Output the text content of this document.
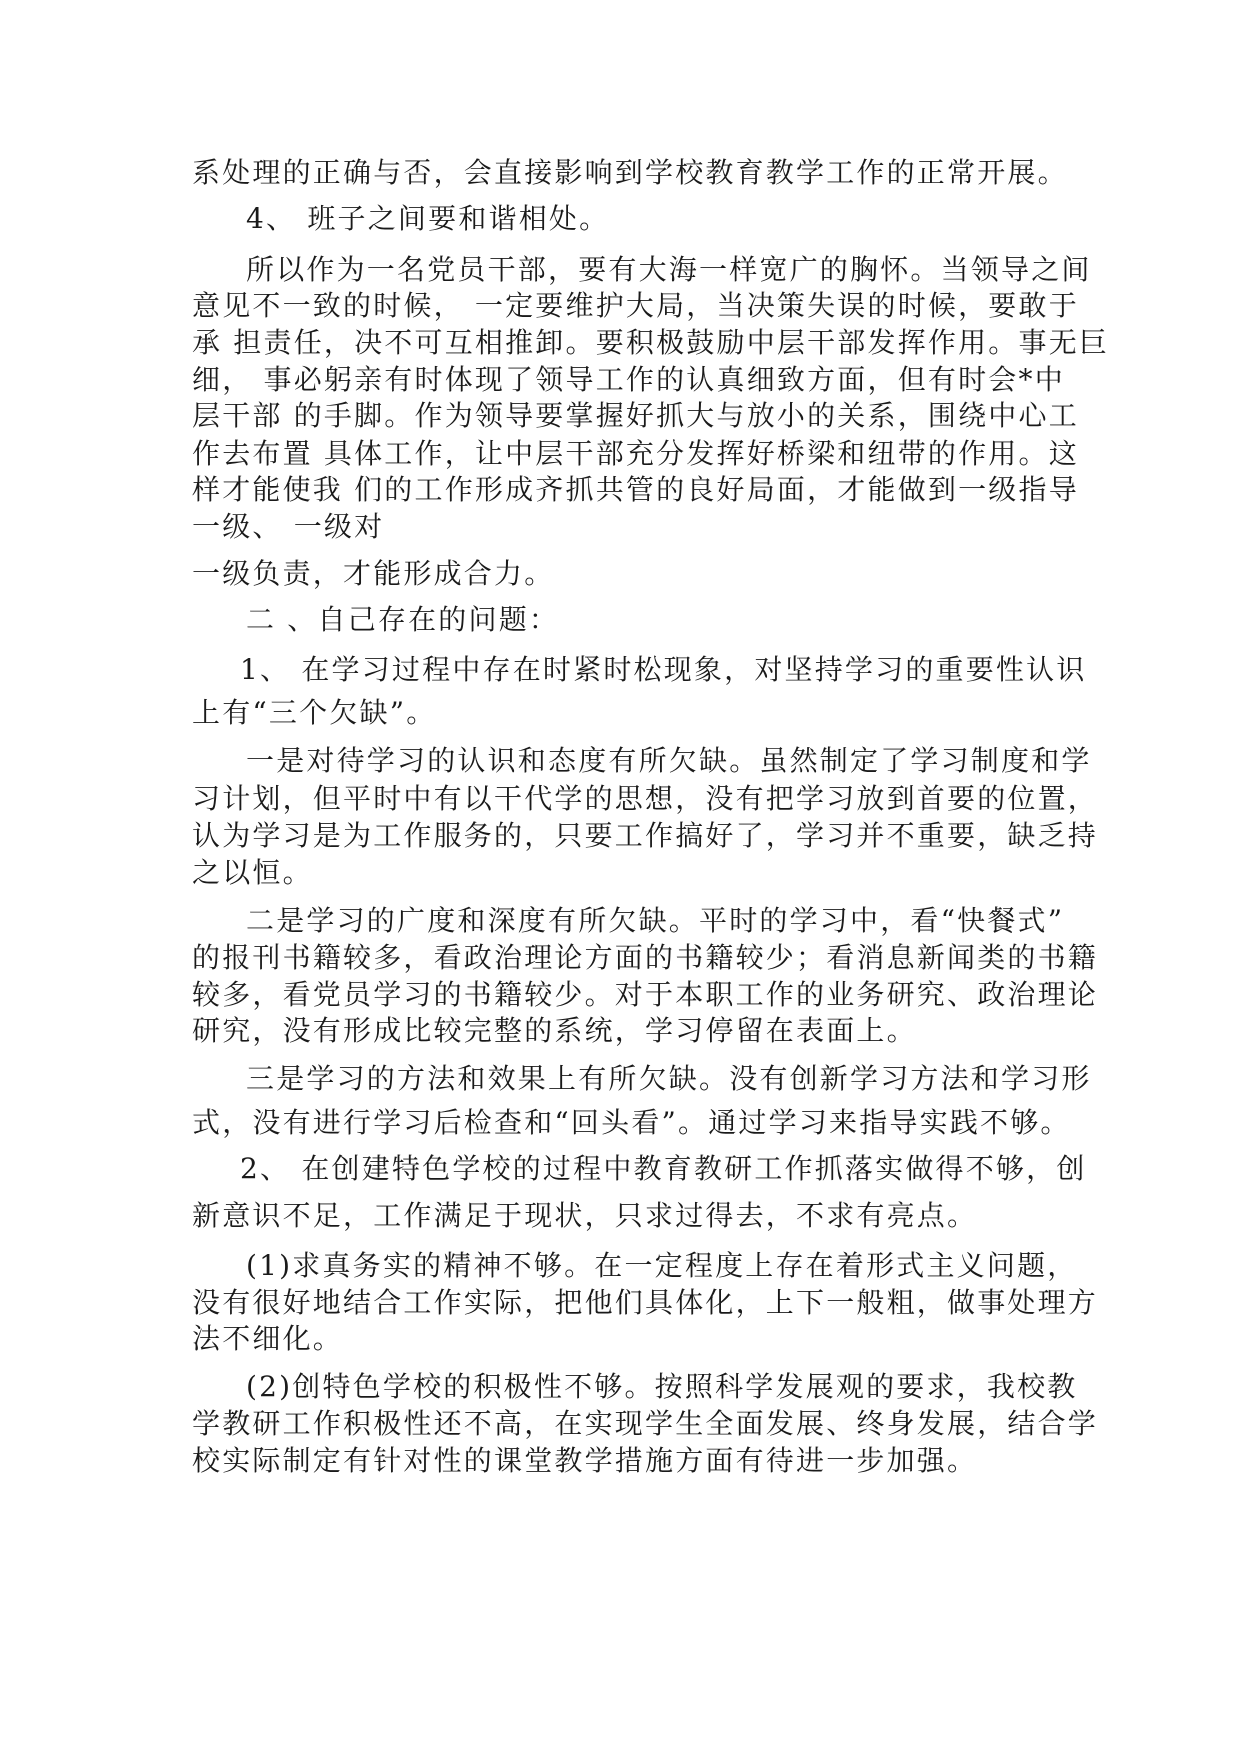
系处理的正确与否，会直接影响到学校教育教学工作的正常开展。

4、 班子之间要和谐相处。

所以作为一名党员干部，要有大海一样宽广的胸怀。当领导之间

意见不一致的时候， 一定要维护大局，当决策失误的时候，要敢于

承 担责任，决不可互相推卸。要积极鼓励中层干部发挥作用。事无巨

细， 事必躬亲有时体现了领导工作的认真细致方面，但有时会*中

层干部 的手脚。作为领导要掌握好抓大与放小的关系，围绕中心工

作去布置 具体工作，让中层干部充分发挥好桥梁和纽带的作用。这

样才能使我 们的工作形成齐抓共管的良好局面，才能做到一级指导

一级、 一级对

一级负责，才能形成合力。

二 、自己存在的问题：

1、 在学习过程中存在时紧时松现象，对坚持学习的重要性认识

上有“三个欠缺”。

一是对待学习的认识和态度有所欠缺。虽然制定了学习制度和学

习计划，但平时中有以干代学的思想，没有把学习放到首要的位置，

认为学习是为工作服务的，只要工作搞好了，学习并不重要，缺乏持

之以恒。

二是学习的广度和深度有所欠缺。平时的学习中，看“快餐式”

的报刊书籍较多，看政治理论方面的书籍较少；看消息新闻类的书籍

较多，看党员学习的书籍较少。对于本职工作的业务研究、政治理论

研究，没有形成比较完整的系统，学习停留在表面上。

三是学习的方法和效果上有所欠缺。没有创新学习方法和学习形

式，没有进行学习后检查和“回头看”。通过学习来指导实践不够。

2、 在创建特色学校的过程中教育教研工作抓落实做得不够，创

新意识不足，工作满足于现状，只求过得去，不求有亮点。

(1)求真务实的精神不够。在一定程度上存在着形式主义问题，

没有很好地结合工作实际，把他们具体化，上下一般粗，做事处理方

法不细化。

(2)创特色学校的积极性不够。按照科学发展观的要求，我校教

学教研工作积极性还不高，在实现学生全面发展、终身发展，结合学

校实际制定有针对性的课堂教学措施方面有待进一步加强。
